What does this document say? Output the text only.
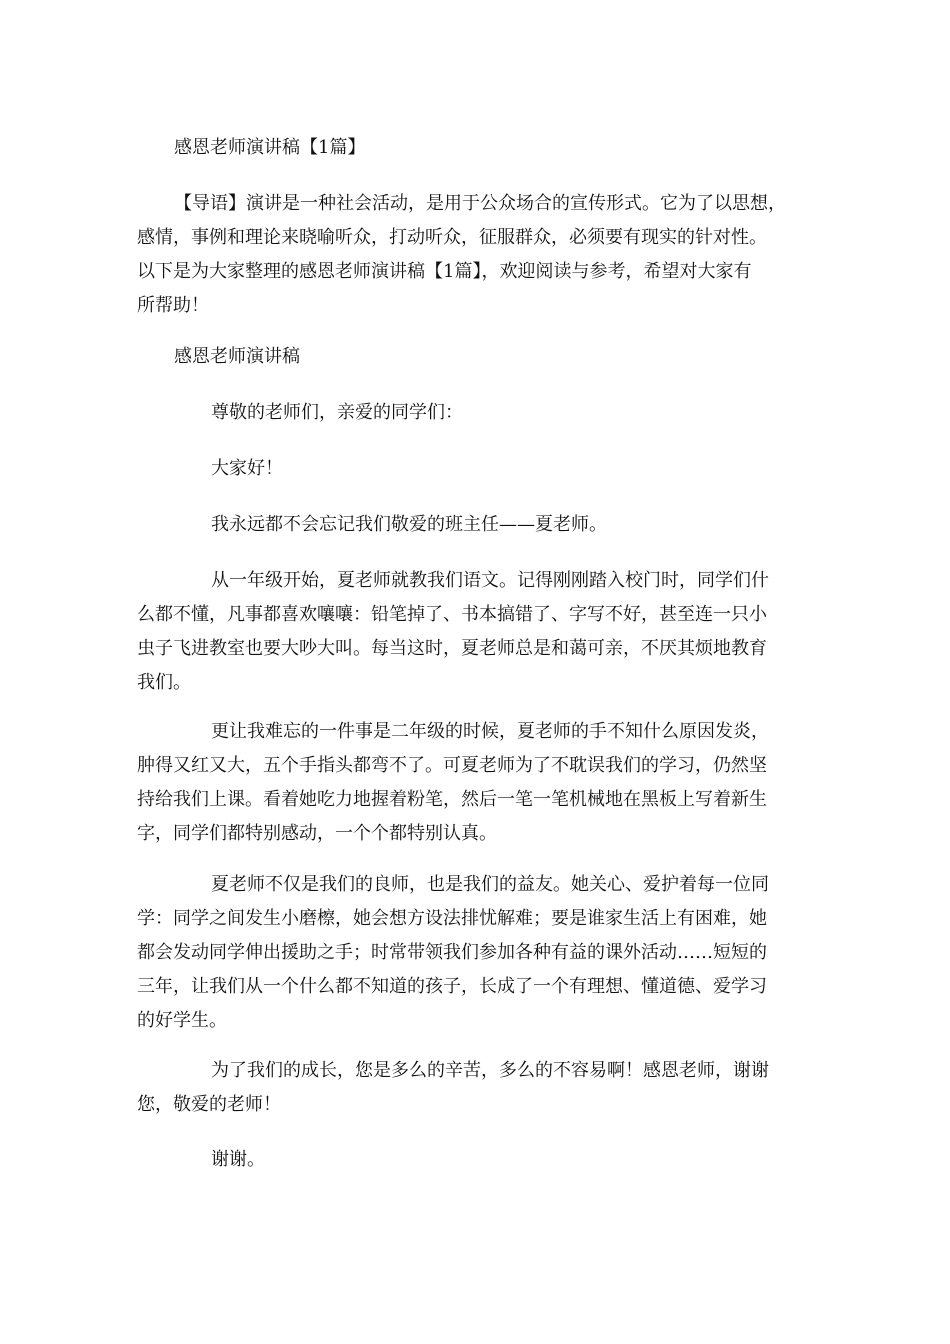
感恩老师演讲稿【1篇】

【导语】演讲是一种社会活动，是用于公众场合的宣传形式。它为了以思想，
感情，事例和理论来晓喻听众，打动听众，征服群众，必须要有现实的针对性。
以下是为大家整理的感恩老师演讲稿【1篇】，欢迎阅读与参考，希望对大家有
所帮助！

感恩老师演讲稿

尊敬的老师们，亲爱的同学们：

大家好！

我永远都不会忘记我们敬爱的班主任——夏老师。

从一年级开始，夏老师就教我们语文。记得刚刚踏入校门时，同学们什
么都不懂，凡事都喜欢嚷嚷：铅笔掉了、书本搞错了、字写不好，甚至连一只小
虫子飞进教室也要大吵大叫。每当这时，夏老师总是和蔼可亲，不厌其烦地教育
我们。

更让我难忘的一件事是二年级的时候，夏老师的手不知什么原因发炎，
肿得又红又大，五个手指头都弯不了。可夏老师为了不耽误我们的学习，仍然坚
持给我们上课。看着她吃力地握着粉笔，然后一笔一笔机械地在黑板上写着新生
字，同学们都特别感动，一个个都特别认真。

夏老师不仅是我们的良师，也是我们的益友。她关心、爱护着每一位同
学：同学之间发生小磨檫，她会想方设法排忧解难；要是谁家生活上有困难，她
都会发动同学伸出援助之手；时常带领我们参加各种有益的课外活动……短短的
三年，让我们从一个什么都不知道的孩子，长成了一个有理想、懂道德、爱学习
的好学生。

为了我们的成长，您是多么的辛苦，多么的不容易啊！感恩老师，谢谢
您，敬爱的老师！

谢谢。
